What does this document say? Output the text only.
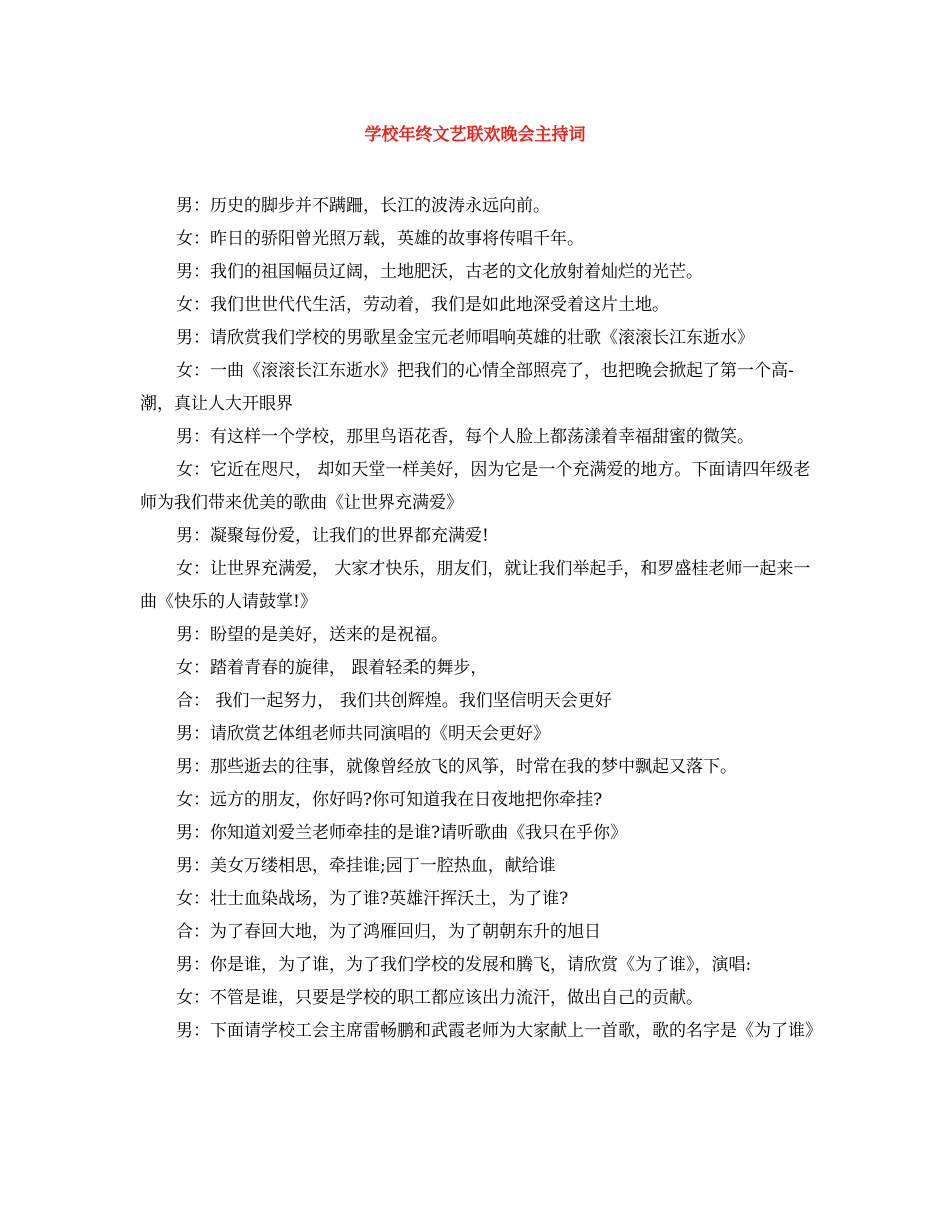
学校年终文艺联欢晚会主持词

男：历史的脚步并不蹒跚，长江的波涛永远向前。

女：昨日的骄阳曾光照万载，英雄的故事将传唱千年。

男：我们的祖国幅员辽阔，土地肥沃，古老的文化放射着灿烂的光芒。

女：我们世世代代生活，劳动着，我们是如此地深受着这片土地。

男：请欣赏我们学校的男歌星金宝元老师唱响英雄的壮歌《滚滚长江东逝水》

女：一曲《滚滚长江东逝水》把我们的心情全部照亮了，也把晚会掀起了第一个高-潮，真让人大开眼界

男：有这样一个学校，那里鸟语花香，每个人脸上都荡漾着幸福甜蜜的微笑。

女：它近在咫尺， 却如天堂一样美好，因为它是一个充满爱的地方。下面请四年级老师为我们带来优美的歌曲《让世界充满爱》

男：凝聚每份爱，让我们的世界都充满爱!

女：让世界充满爱， 大家才快乐，朋友们，就让我们举起手，和罗盛桂老师一起来一曲《快乐的人请鼓掌!》

男：盼望的是美好，送来的是祝福。

女：踏着青春的旋律， 跟着轻柔的舞步，

合： 我们一起努力， 我们共创辉煌。我们坚信明天会更好

男：请欣赏艺体组老师共同演唱的《明天会更好》

男：那些逝去的往事，就像曾经放飞的风筝，时常在我的梦中飘起又落下。

女：远方的朋友，你好吗?你可知道我在日夜地把你牵挂?

男：你知道刘爱兰老师牵挂的是谁?请听歌曲《我只在乎你》

男：美女万缕相思，牵挂谁;园丁一腔热血，献给谁

女：壮士血染战场，为了谁?英雄汗挥沃土，为了谁?

合：为了春回大地，为了鸿雁回归，为了朝朝东升的旭日

男：你是谁，为了谁，为了我们学校的发展和腾飞，请欣赏《为了谁》，演唱:

女：不管是谁，只要是学校的职工都应该出力流汗，做出自己的贡献。

男：下面请学校工会主席雷畅鹏和武霞老师为大家献上一首歌，歌的名字是《为了谁》
